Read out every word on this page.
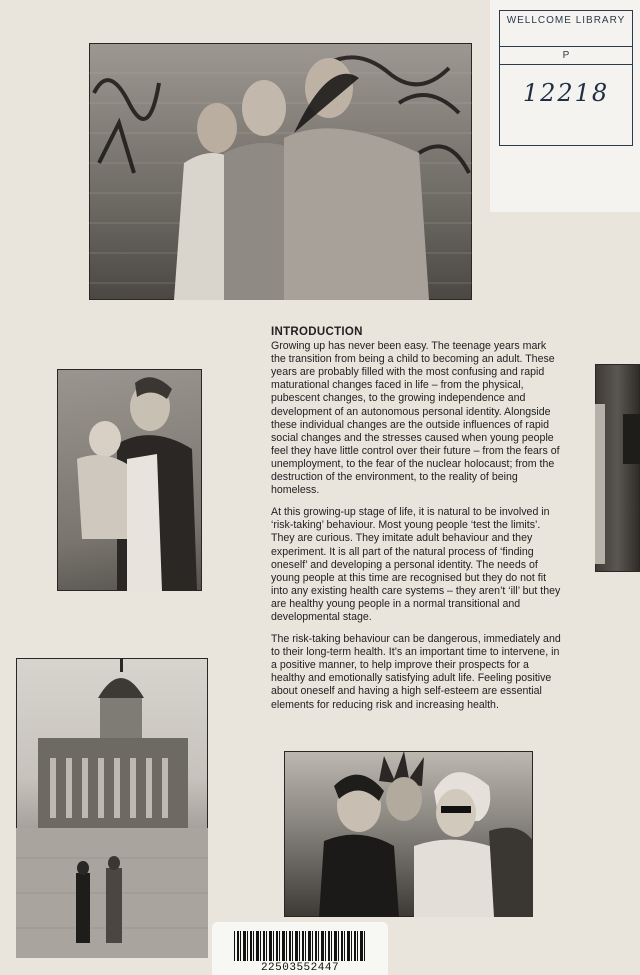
WELLCOME LIBRARY
P
12218
INTRODUCTION

Growing up has never been easy. The teenage years mark the transition from being a child to becoming an adult. These years are probably filled with the most confusing and rapid maturational changes faced in life – from the physical, pubescent changes, to the growing independence and development of an autonomous personal identity. Alongside these individual changes are the outside influences of rapid social changes and the stresses caused when young people feel they have little control over their future – from the fears of unemployment, to the fear of the nuclear holocaust; from the destruction of the environment, to the reality of being homeless.

At this growing-up stage of life, it is natural to be involved in ‘risk-taking’ behaviour. Most young people ‘test the limits’. They are curious. They imitate adult behaviour and they experiment. It is all part of the natural process of ‘finding oneself’ and developing a personal identity. The needs of young people at this time are recognised but they do not fit into any existing health care systems – they aren’t ‘ill’ but they are healthy young people in a normal transitional and developmental stage.

The risk-taking behaviour can be dangerous, immediately and to their long-term health. It’s an important time to intervene, in a positive manner, to help improve their prospects for a healthy and emotionally satisfying adult life. Feeling positive about oneself and having a high self-esteem are essential elements for reducing risk and increasing health.

22503552447
